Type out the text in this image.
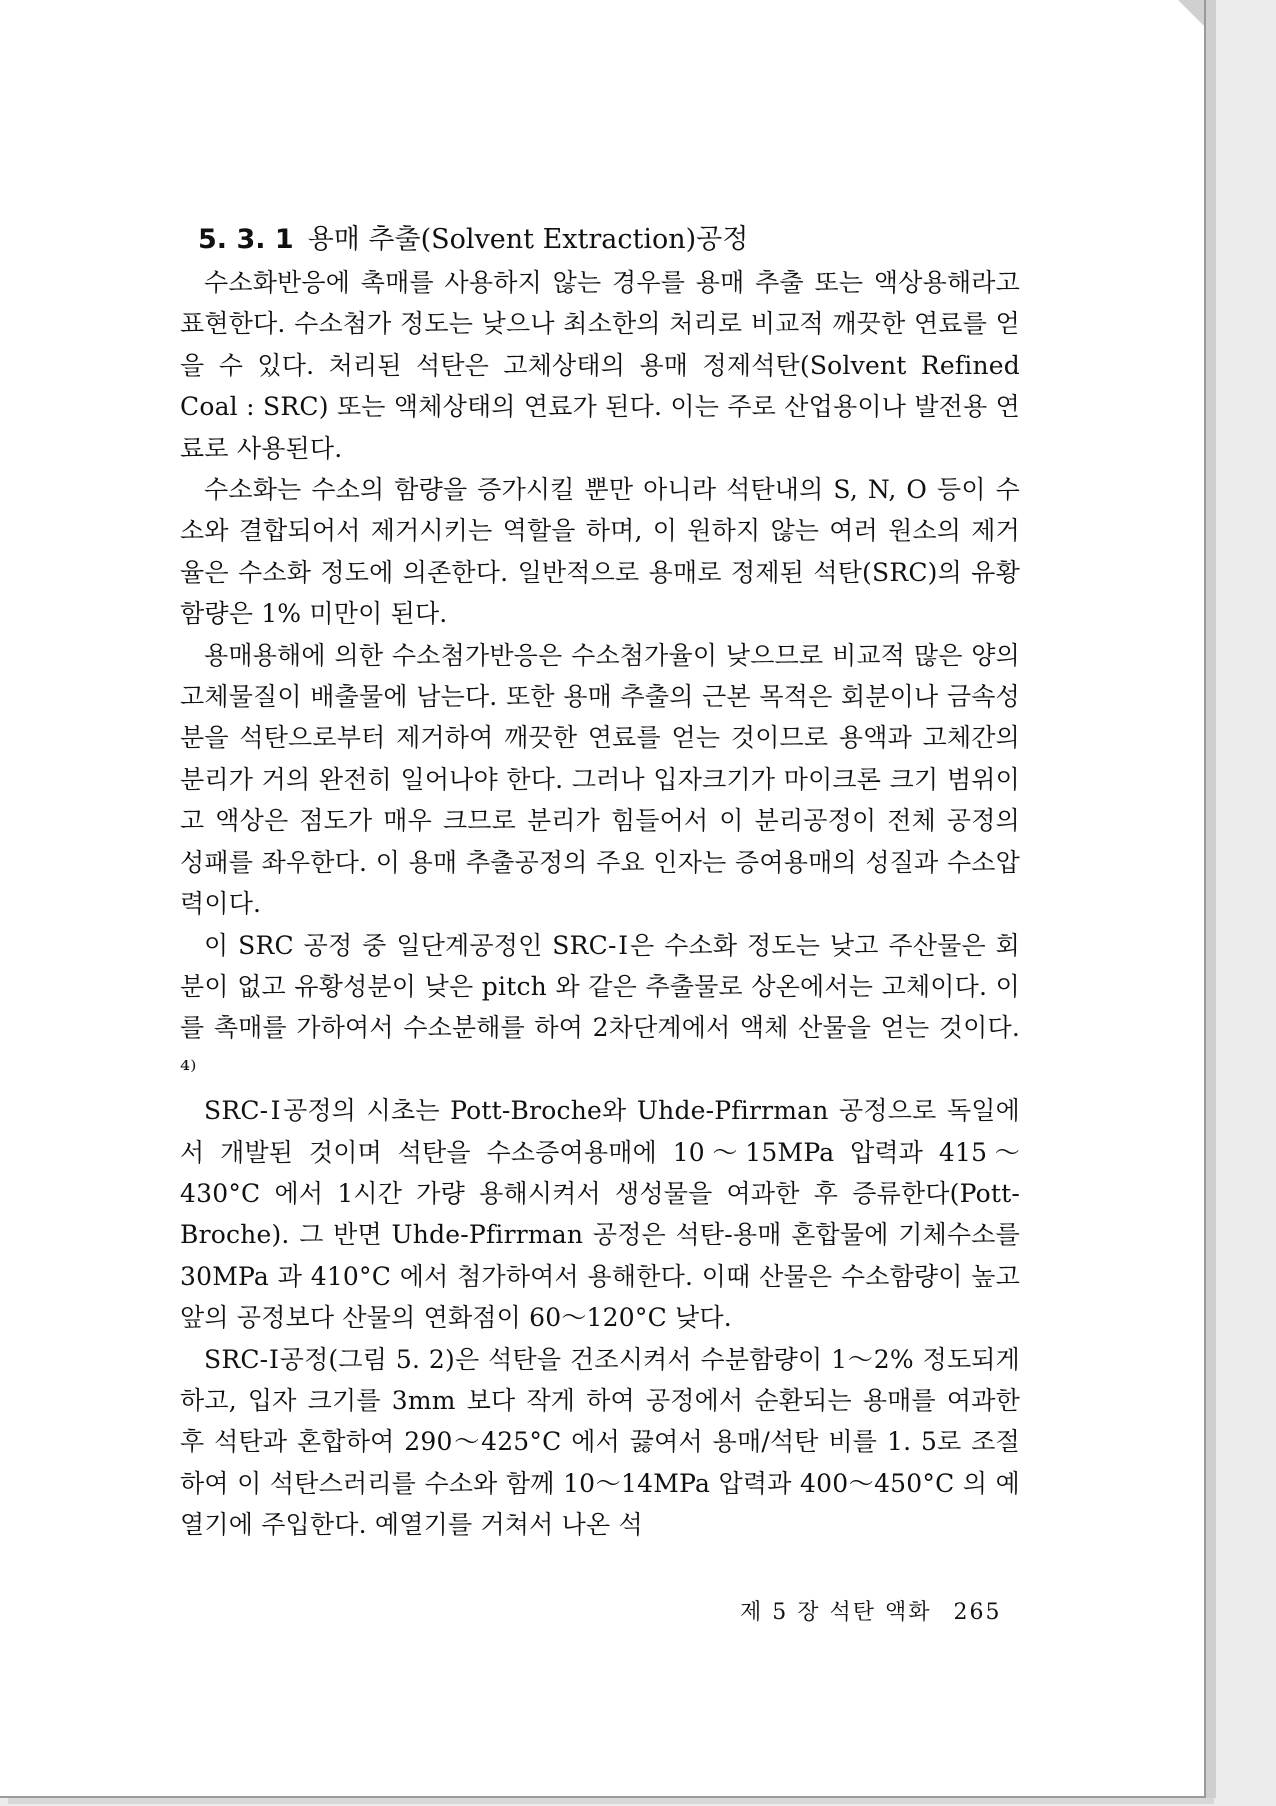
5. 3. 1 용매 추출(Solvent Extraction)공정

수소화반응에 촉매를 사용하지 않는 경우를 용매 추출 또는 액상용해라고 표현한다. 수소첨가 정도는 낮으나 최소한의 처리로 비교적 깨끗한 연료를 얻을 수 있다. 처리된 석탄은 고체상태의 용매 정제석탄(Solvent Refined Coal : SRC) 또는 액체상태의 연료가 된다. 이는 주로 산업용이나 발전용 연료로 사용된다.

수소화는 수소의 함량을 증가시킬 뿐만 아니라 석탄내의 S, N, O 등이 수소와 결합되어서 제거시키는 역할을 하며, 이 원하지 않는 여러 원소의 제거율은 수소화 정도에 의존한다. 일반적으로 용매로 정제된 석탄(SRC)의 유황함량은 1% 미만이 된다.

용매용해에 의한 수소첨가반응은 수소첨가율이 낮으므로 비교적 많은 양의 고체물질이 배출물에 남는다. 또한 용매 추출의 근본 목적은 회분이나 금속성분을 석탄으로부터 제거하여 깨끗한 연료를 얻는 것이므로 용액과 고체간의 분리가 거의 완전히 일어나야 한다. 그러나 입자크기가 마이크론 크기 범위이고 액상은 점도가 매우 크므로 분리가 힘들어서 이 분리공정이 전체 공정의 성패를 좌우한다. 이 용매 추출공정의 주요 인자는 증여용매의 성질과 수소압력이다.

이 SRC 공정 중 일단계공정인 SRC-Ⅰ은 수소화 정도는 낮고 주산물은 회분이 없고 유황성분이 낮은 pitch 와 같은 추출물로 상온에서는 고체이다. 이를 촉매를 가하여서 수소분해를 하여 2차단계에서 액체 산물을 얻는 것이다. ⁴⁾

SRC-Ⅰ공정의 시초는 Pott-Broche와 Uhde-Pfirrman 공정으로 독일에서 개발된 것이며 석탄을 수소증여용매에 10～15MPa 압력과 415～430°C 에서 1시간 가량 용해시켜서 생성물을 여과한 후 증류한다(Pott-Broche). 그 반면 Uhde-Pfirrman 공정은 석탄-용매 혼합물에 기체수소를 30MPa 과 410°C 에서 첨가하여서 용해한다. 이때 산물은 수소함량이 높고 앞의 공정보다 산물의 연화점이 60～120°C 낮다.

SRC-Ⅰ공정(그림 5. 2)은 석탄을 건조시켜서 수분함량이 1～2% 정도되게 하고, 입자 크기를 3mm 보다 작게 하여 공정에서 순환되는 용매를 여과한 후 석탄과 혼합하여 290～425°C 에서 끓여서 용매/석탄 비를 1. 5로 조절하여 이 석탄스러리를 수소와 함께 10～14MPa 압력과 400～450°C 의 예열기에 주입한다. 예열기를 거쳐서 나온 석

제 5 장 석탄 액화 265
